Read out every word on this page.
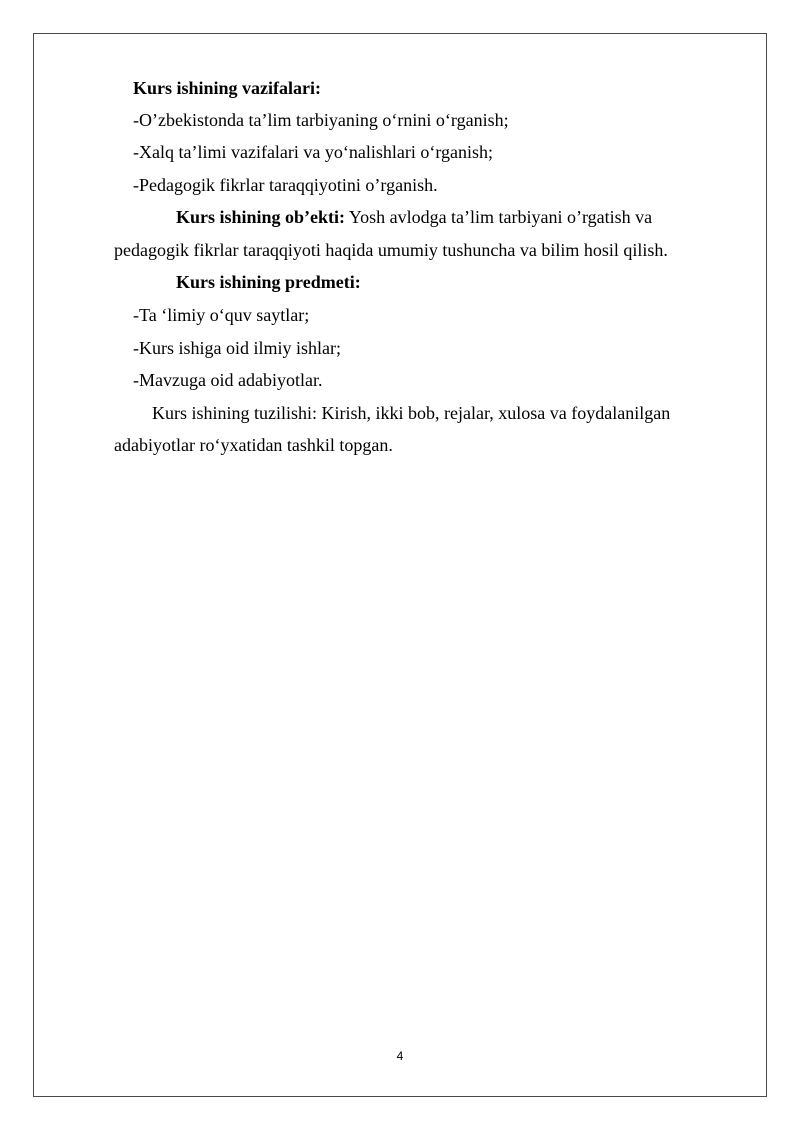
Kurs ishining vazifalari:
-O’zbekistonda ta’lim tarbiyaning o‘rnini o‘rganish;
-Xalq ta’limi vazifalari va yo‘nalishlari o‘rganish;
-Pedagogik fikrlar taraqqiyotini o’rganish.
Kurs ishining ob’ekti: Yosh avlodga ta’lim tarbiyani o’rgatish va
pedagogik fikrlar taraqqiyoti haqida umumiy tushuncha va bilim hosil qilish.
Kurs ishining predmeti:
-Ta ‘limiy o‘quv saytlar;
-Kurs ishiga oid ilmiy ishlar;
-Mavzuga oid adabiyotlar.
Kurs ishining tuzilishi: Kirish, ikki bob, rejalar, xulosa va foydalanilgan
adabiyotlar ro‘yxatidan tashkil topgan.
4
